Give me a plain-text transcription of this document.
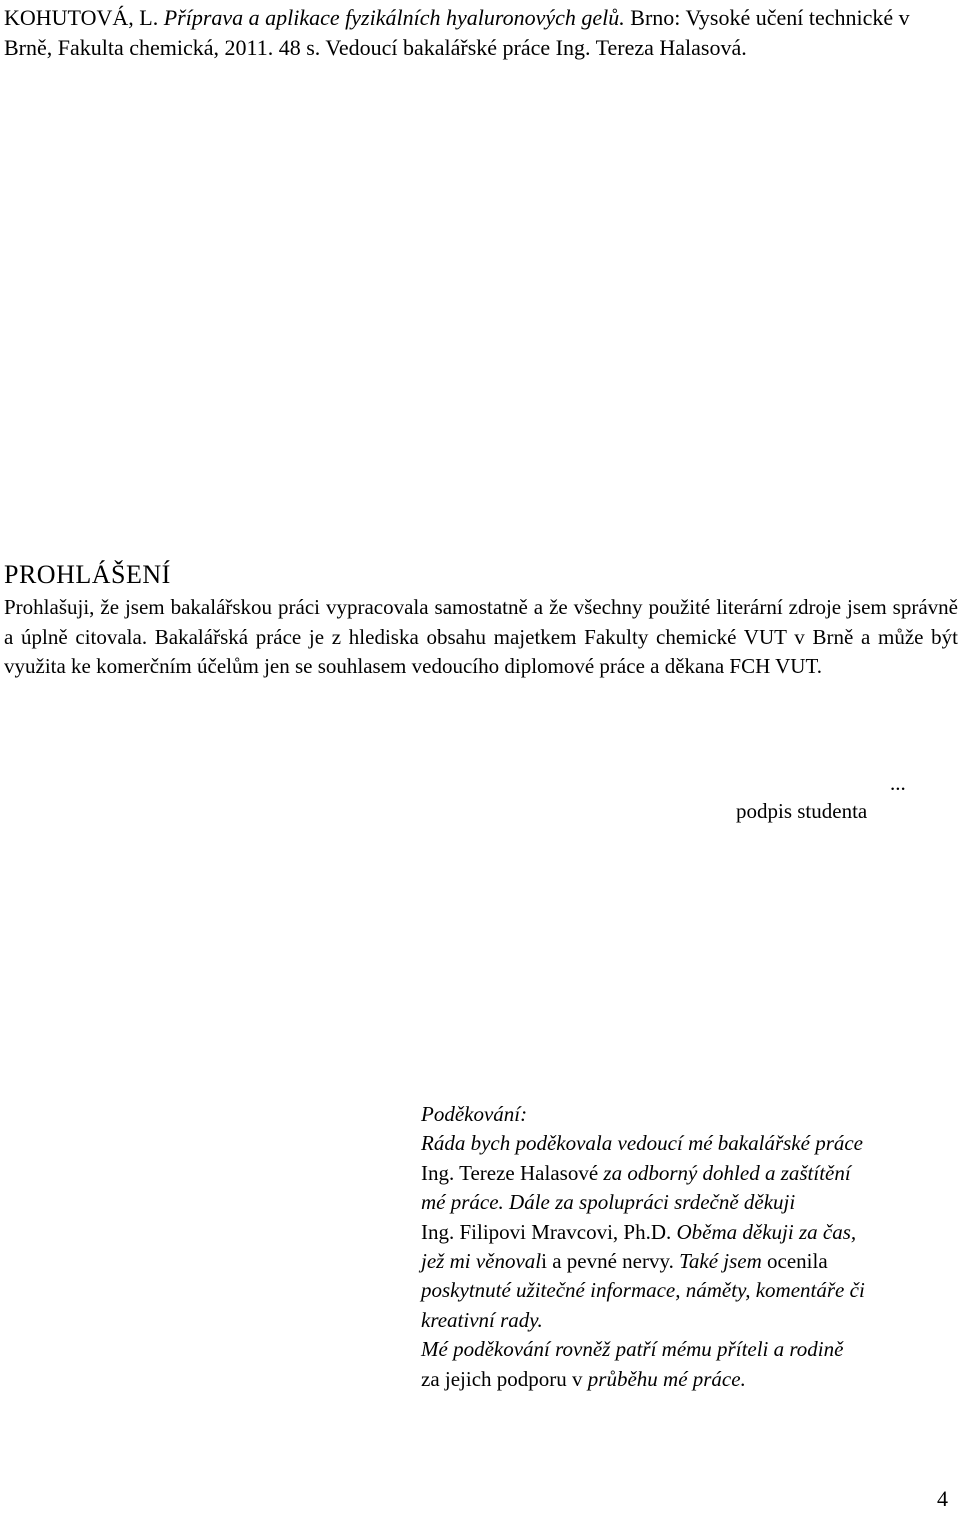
KOHUTOVÁ, L. Příprava a aplikace fyzikálních hyaluronových gelů. Brno: Vysoké učení technické v Brně, Fakulta chemická, 2011. 48 s. Vedoucí bakalářské práce Ing. Tereza Halasová.
PROHLÁŠENÍ
Prohlašuji, že jsem bakalářskou práci vypracovala samostatně a že všechny použité literární zdroje jsem správně a úplně citovala. Bakalářská práce je z hlediska obsahu majetkem Fakulty chemické VUT v Brně a může být využita ke komerčním účelům jen se souhlasem vedoucího diplomové práce a děkana FCH VUT.
...
podpis studenta
Poděkování:
Ráda bych poděkovala vedoucí mé bakalářské práce
Ing. Tereze Halasové za odborný dohled a zaštítění
mé práce. Dále za spolupráci srdečně děkuji
Ing. Filipovi Mravcovi, Ph.D. Oběma děkuji za čas,
jež mi věnovali a pevné nervy. Také jsem ocenila
poskytnuté užitečné informace, náměty, komentáře či
kreativní rady.
Mé poděkování rovněž patří mému příteli a rodině
za jejich podporu v průběhu mé práce.
4
